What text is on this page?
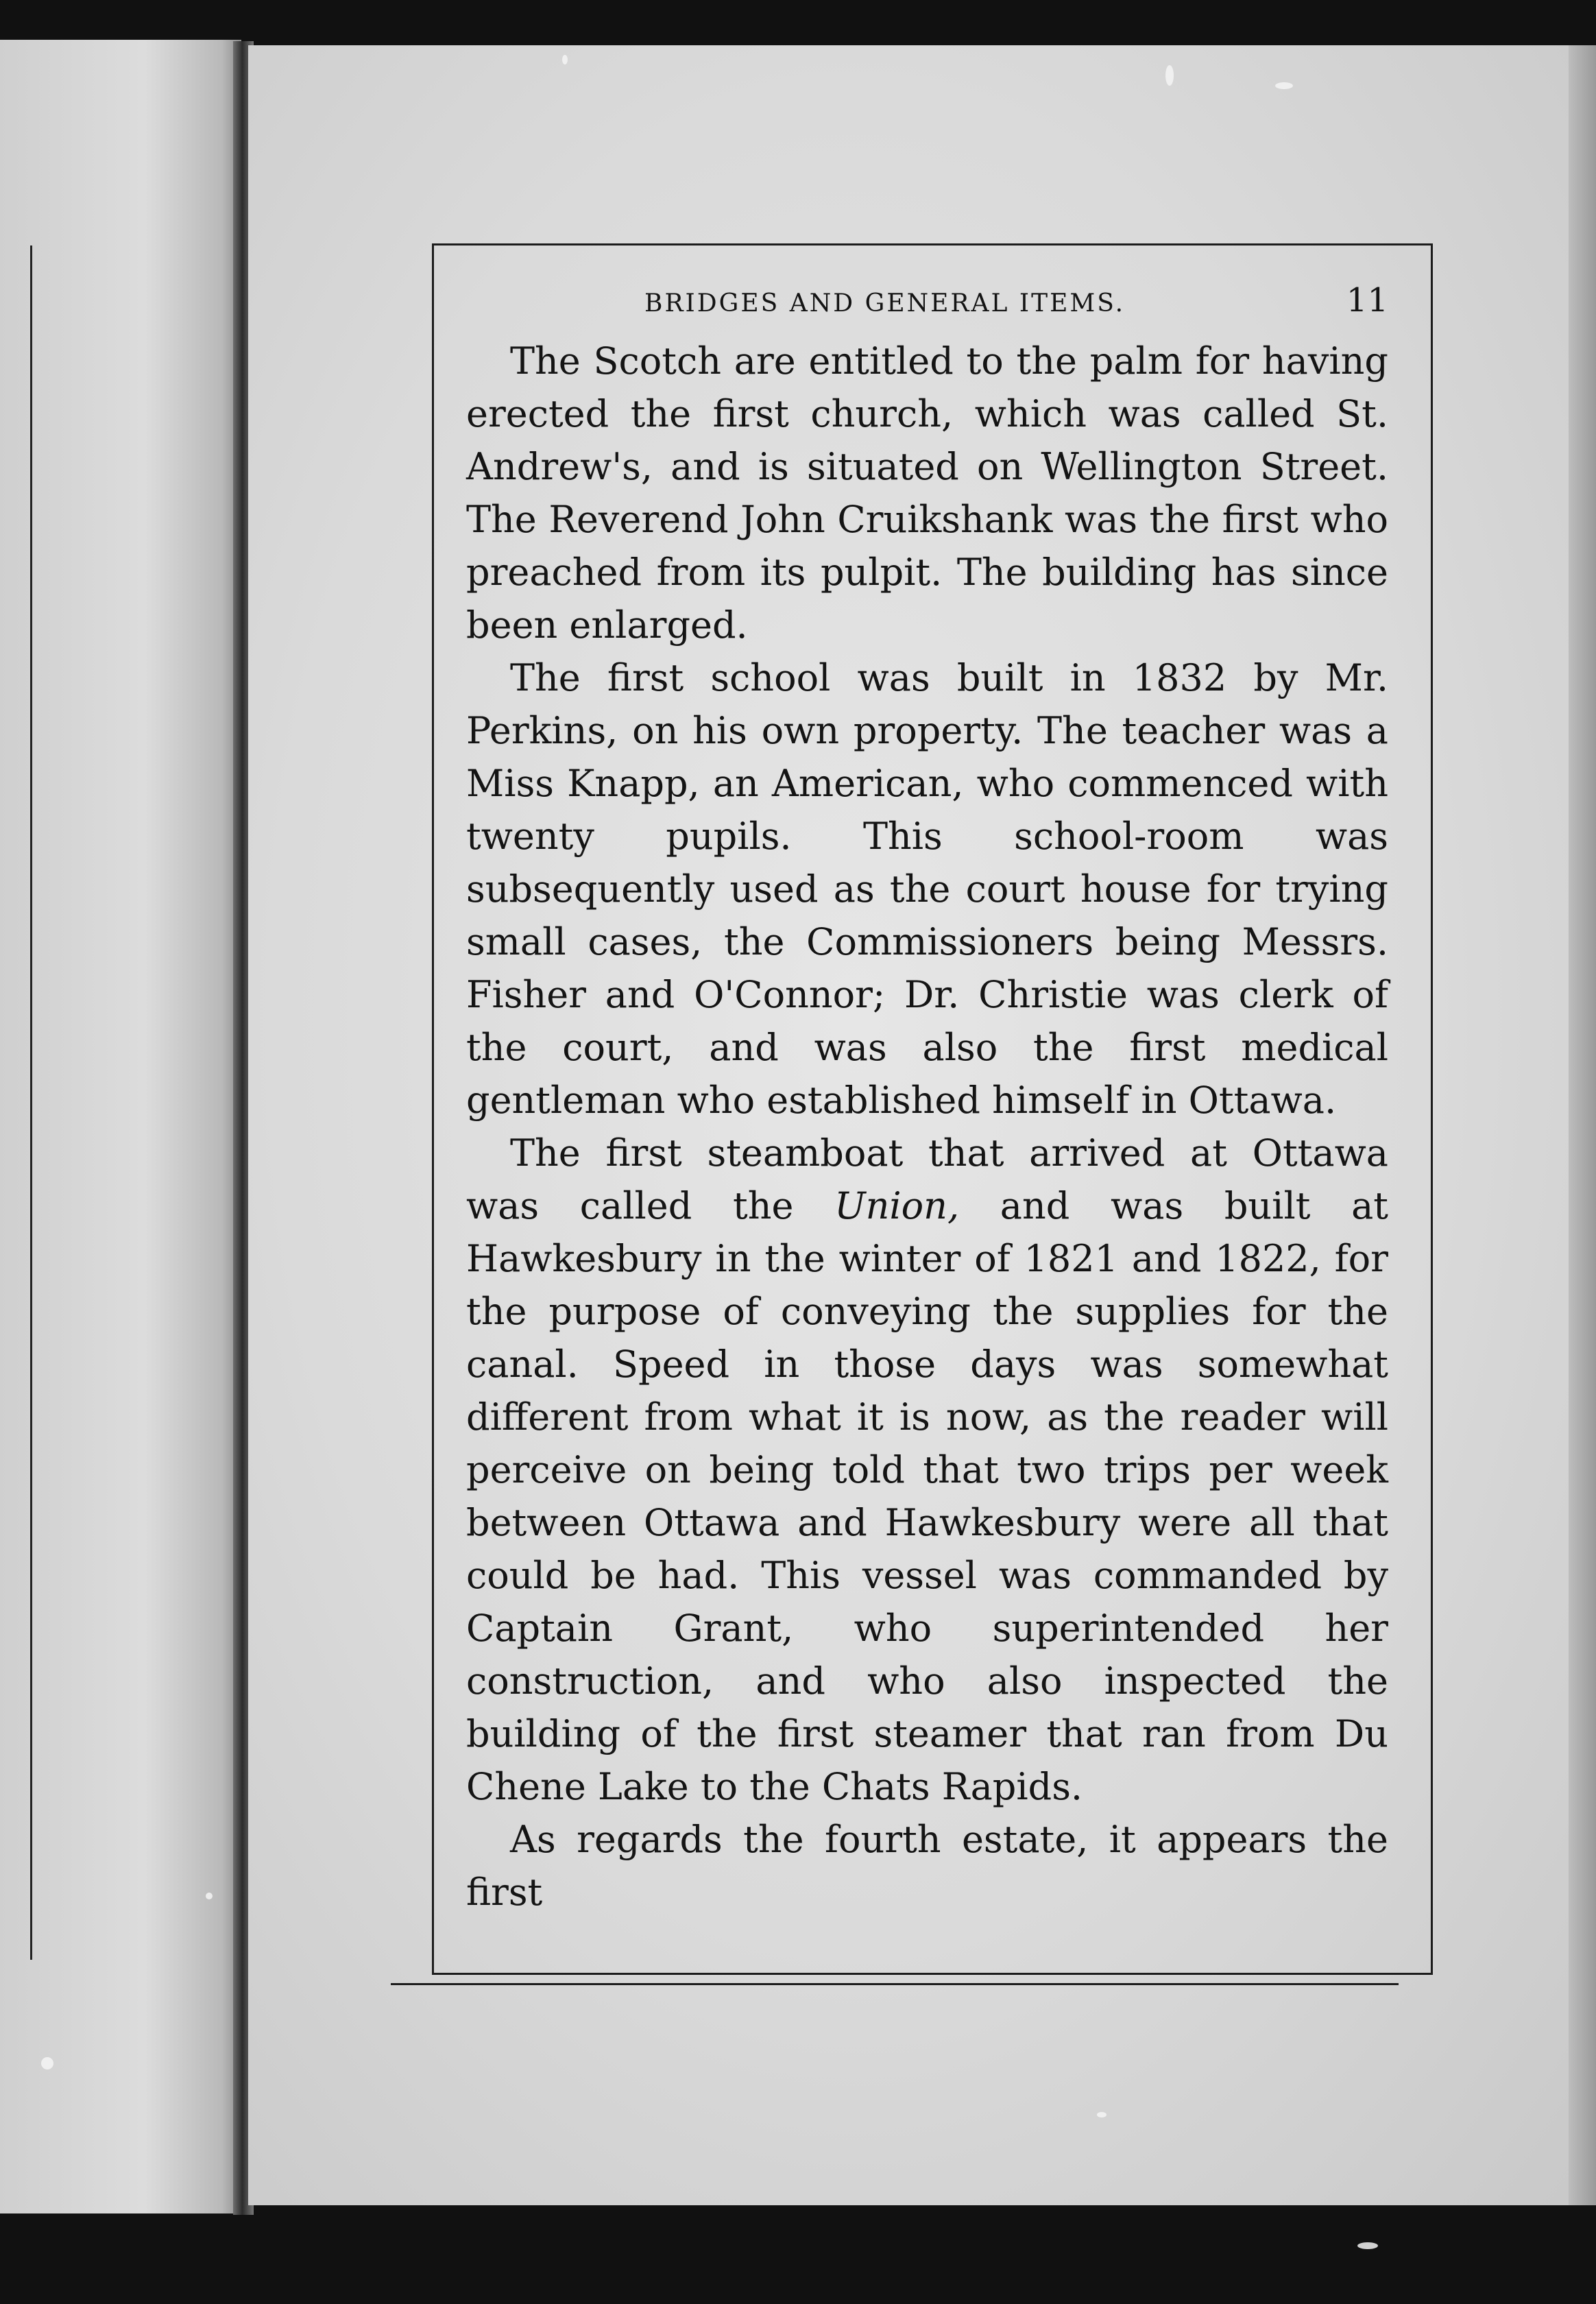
BRIDGES AND GENERAL ITEMS.	11

The Scotch are entitled to the palm for having erected the first church, which was called St. Andrew's, and is situated on Wellington Street. The Reverend John Cruikshank was the first who preached from its pulpit. The building has since been enlarged.

The first school was built in 1832 by Mr. Perkins, on his own property. The teacher was a Miss Knapp, an American, who commenced with twenty pupils. This school-room was subsequently used as the court house for trying small cases, the Commissioners being Messrs. Fisher and O'Connor; Dr. Christie was clerk of the court, and was also the first medical gentleman who established himself in Ottawa.

The first steamboat that arrived at Ottawa was called the Union, and was built at Hawkesbury in the winter of 1821 and 1822, for the purpose of conveying the supplies for the canal. Speed in those days was somewhat different from what it is now, as the reader will perceive on being told that two trips per week between Ottawa and Hawkesbury were all that could be had. This vessel was commanded by Captain Grant, who superintended her construction, and who also inspected the building of the first steamer that ran from Du Chene Lake to the Chats Rapids.

As regards the fourth estate, it appears the first
